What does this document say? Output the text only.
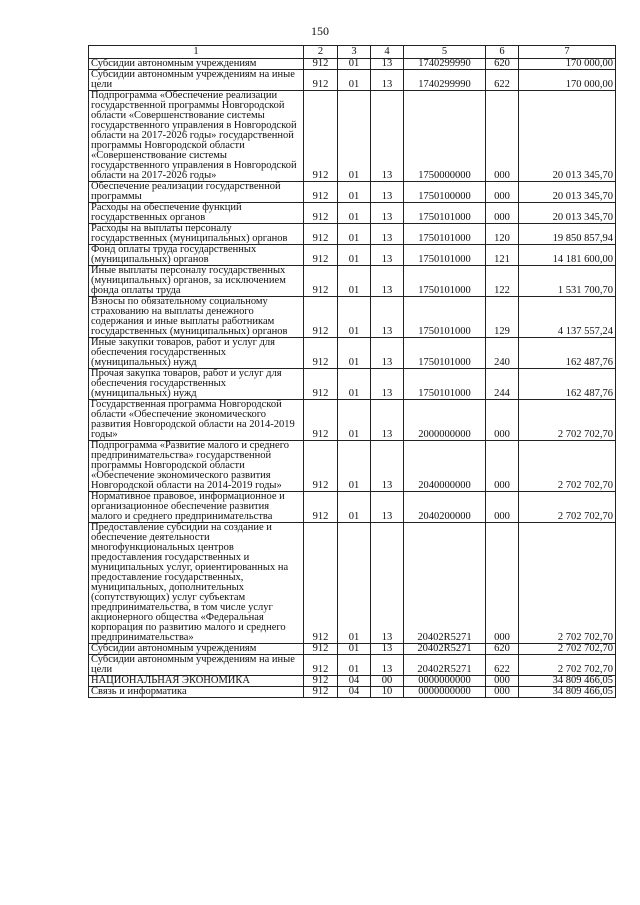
150
1	2	3	4	5	6	7
Субсидии автономным учреждениям	912	01	13	1740299990	620	170 000,00
Субсидии автономным учреждениям на иные цели	912	01	13	1740299990	622	170 000,00
Подпрограмма «Обеспечение реализации государственной программы Новгородской области «Совершенствование системы государственного управления в Новгородской области на 2017-2026 годы» государственной программы Новгородской области «Совершенствование системы государственного управления в Новгородской области на 2017-2026 годы»	912	01	13	1750000000	000	20 013 345,70
Обеспечение реализации государственной программы	912	01	13	1750100000	000	20 013 345,70
Расходы на обеспечение функций государственных органов	912	01	13	1750101000	000	20 013 345,70
Расходы на выплаты персоналу государственных (муниципальных) органов	912	01	13	1750101000	120	19 850 857,94
Фонд оплаты труда государственных (муниципальных) органов	912	01	13	1750101000	121	14 181 600,00
Иные выплаты персоналу государственных (муниципальных) органов, за исключением фонда оплаты труда	912	01	13	1750101000	122	1 531 700,70
Взносы по обязательному социальному страхованию на выплаты денежного содержания и иные выплаты работникам государственных (муниципальных) органов	912	01	13	1750101000	129	4 137 557,24
Иные закупки товаров, работ и услуг для обеспечения государственных (муниципальных) нужд	912	01	13	1750101000	240	162 487,76
Прочая закупка товаров, работ и услуг для обеспечения государственных (муниципальных) нужд	912	01	13	1750101000	244	162 487,76
Государственная программа Новгородской области «Обеспечение экономического развития Новгородской области на 2014-2019 годы»	912	01	13	2000000000	000	2 702 702,70
Подпрограмма «Развитие малого и среднего предпринимательства» государственной программы Новгородской области «Обеспечение экономического развития Новгородской области на 2014-2019 годы»	912	01	13	2040000000	000	2 702 702,70
Нормативное правовое, информационное и организационное обеспечение развития малого и среднего предпринимательства	912	01	13	2040200000	000	2 702 702,70
Предоставление субсидии на создание и обеспечение деятельности многофункциональных центров предоставления государственных и муниципальных услуг, ориентированных на предоставление государственных, муниципальных, дополнительных (сопутствующих) услуг субъектам предпринимательства, в том числе услуг акционерного общества «Федеральная корпорация по развитию малого и среднего предпринимательства»	912	01	13	20402R5271	000	2 702 702,70
Субсидии автономным учреждениям	912	01	13	20402R5271	620	2 702 702,70
Субсидии автономным учреждениям на иные цели	912	01	13	20402R5271	622	2 702 702,70
НАЦИОНАЛЬНАЯ ЭКОНОМИКА	912	04	00	0000000000	000	34 809 466,05
Связь и информатика	912	04	10	0000000000	000	34 809 466,05
